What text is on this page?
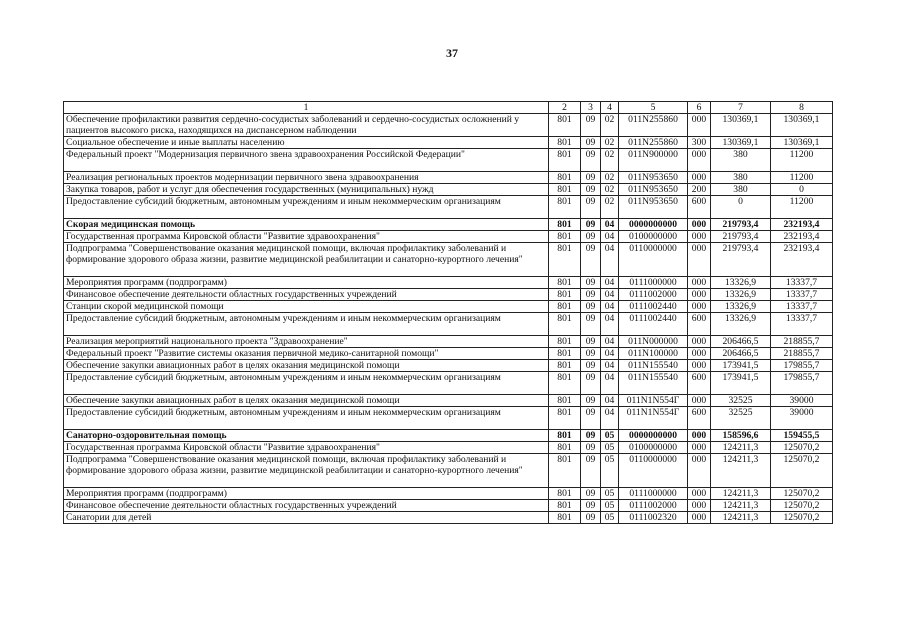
37
1	2	3	4	5	6	7	8
Обеспечение профилактики развития сердечно-сосудистых заболеваний и сердечно-сосудистых осложнений у пациентов высокого риска, находящихся на диспансерном наблюдении	801	09	02	011N255860	000	130369,1	130369,1
Социальное обеспечение и иные выплаты населению	801	09	02	011N255860	300	130369,1	130369,1
Федеральный проект "Модернизация первичного звена здравоохранения Российской Федерации"	801	09	02	011N900000	000	380	11200
Реализация региональных проектов модернизации первичного звена здравоохранения	801	09	02	011N953650	000	380	11200
Закупка товаров, работ и услуг для обеспечения государственных (муниципальных) нужд	801	09	02	011N953650	200	380	0
Предоставление субсидий бюджетным, автономным учреждениям и иным некоммерческим организациям	801	09	02	011N953650	600	0	11200
Скорая медицинская помощь	801	09	04	0000000000	000	219793,4	232193,4
Государственная программа Кировской области "Развитие здравоохранения"	801	09	04	0100000000	000	219793,4	232193,4
Подпрограмма "Совершенствование оказания медицинской помощи, включая профилактику заболеваний и формирование здорового образа жизни, развитие медицинской реабилитации и санаторно-курортного лечения"	801	09	04	0110000000	000	219793,4	232193,4
Мероприятия программ (подпрограмм)	801	09	04	0111000000	000	13326,9	13337,7
Финансовое обеспечение деятельности областных государственных учреждений	801	09	04	0111002000	000	13326,9	13337,7
Станции скорой медицинской помощи	801	09	04	0111002440	000	13326,9	13337,7
Предоставление субсидий бюджетным, автономным учреждениям и иным некоммерческим организациям	801	09	04	0111002440	600	13326,9	13337,7
Реализация мероприятий национального проекта "Здравоохранение"	801	09	04	011N000000	000	206466,5	218855,7
Федеральный проект "Развитие системы оказания первичной медико-санитарной помощи"	801	09	04	011N100000	000	206466,5	218855,7
Обеспечение закупки авиационных работ в целях оказания медицинской помощи	801	09	04	011N155540	000	173941,5	179855,7
Предоставление субсидий бюджетным, автономным учреждениям и иным некоммерческим организациям	801	09	04	011N155540	600	173941,5	179855,7
Обеспечение закупки авиационных работ в целях оказания медицинской помощи	801	09	04	011N1N554Г	000	32525	39000
Предоставление субсидий бюджетным, автономным учреждениям и иным некоммерческим организациям	801	09	04	011N1N554Г	600	32525	39000
Санаторно-оздоровительная помощь	801	09	05	0000000000	000	158596,6	159455,5
Государственная программа Кировской области "Развитие здравоохранения"	801	09	05	0100000000	000	124211,3	125070,2
Подпрограмма "Совершенствование оказания медицинской помощи, включая профилактику заболеваний и формирование здорового образа жизни, развитие медицинской реабилитации и санаторно-курортного лечения"	801	09	05	0110000000	000	124211,3	125070,2
Мероприятия программ (подпрограмм)	801	09	05	0111000000	000	124211,3	125070,2
Финансовое обеспечение деятельности областных государственных учреждений	801	09	05	0111002000	000	124211,3	125070,2
Санатории для детей	801	09	05	0111002320	000	124211,3	125070,2
